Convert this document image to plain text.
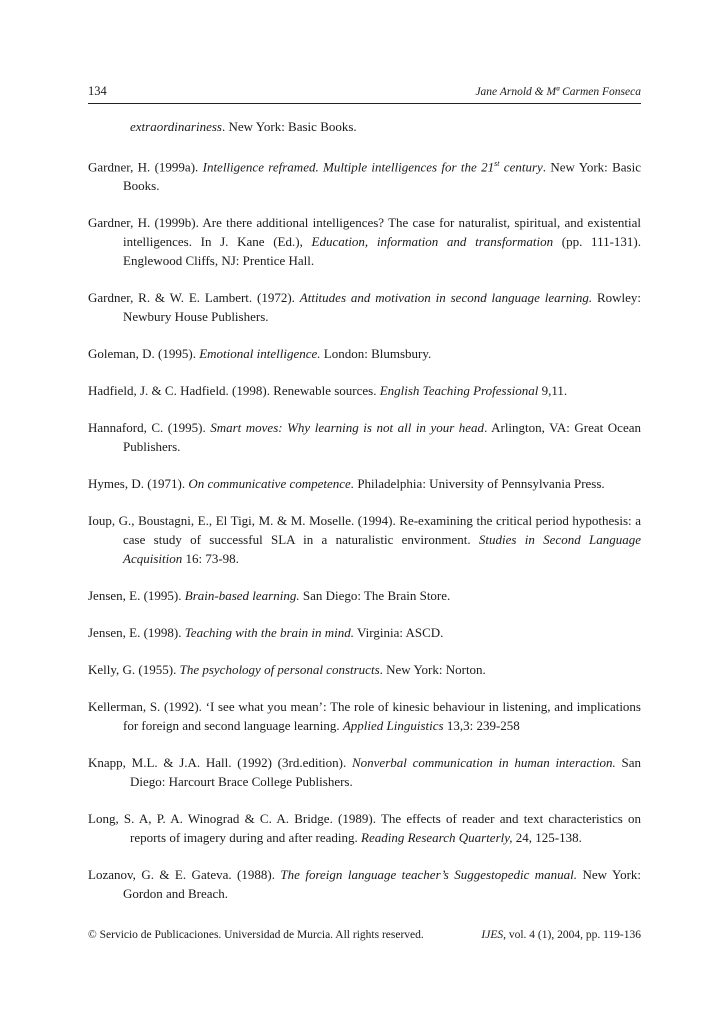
134	Jane Arnold & Mª Carmen Fonseca

extraordinariness. New York: Basic Books.

Gardner, H. (1999a). Intelligence reframed. Multiple intelligences for the 21st century. New York: Basic Books.

Gardner, H. (1999b). Are there additional intelligences? The case for naturalist, spiritual, and existential intelligences. In J. Kane (Ed.), Education, information and transformation (pp. 111-131). Englewood Cliffs, NJ: Prentice Hall.

Gardner, R. & W. E. Lambert. (1972). Attitudes and motivation in second language learning. Rowley: Newbury House Publishers.

Goleman, D. (1995). Emotional intelligence. London: Blumsbury.

Hadfield, J. & C. Hadfield. (1998). Renewable sources. English Teaching Professional 9,11.

Hannaford, C. (1995). Smart moves: Why learning is not all in your head. Arlington, VA: Great Ocean Publishers.

Hymes, D. (1971). On communicative competence. Philadelphia: University of Pennsylvania Press.

Ioup, G., Boustagni, E., El Tigi, M. & M. Moselle. (1994). Re-examining the critical period hypothesis: a case study of successful SLA in a naturalistic environment. Studies in Second Language Acquisition 16: 73-98.

Jensen, E. (1995). Brain-based learning. San Diego: The Brain Store.

Jensen, E. (1998). Teaching with the brain in mind. Virginia: ASCD.

Kelly, G. (1955). The psychology of personal constructs. New York: Norton.

Kellerman, S. (1992). ‘I see what you mean’: The role of kinesic behaviour in listening, and implications for foreign and second language learning. Applied Linguistics 13,3: 239-258

Knapp, M.L. & J.A. Hall. (1992) (3rd.edition). Nonverbal communication in human interaction. San Diego: Harcourt Brace College Publishers.

Long, S. A, P. A. Winograd & C. A. Bridge. (1989). The effects of reader and text characteristics on reports of imagery during and after reading. Reading Research Quarterly, 24, 125-138.

Lozanov, G. & E. Gateva. (1988). The foreign language teacher’s Suggestopedic manual. New York: Gordon and Breach.

© Servicio de Publicaciones. Universidad de Murcia. All rights reserved.	IJES, vol. 4 (1), 2004, pp. 119-136
